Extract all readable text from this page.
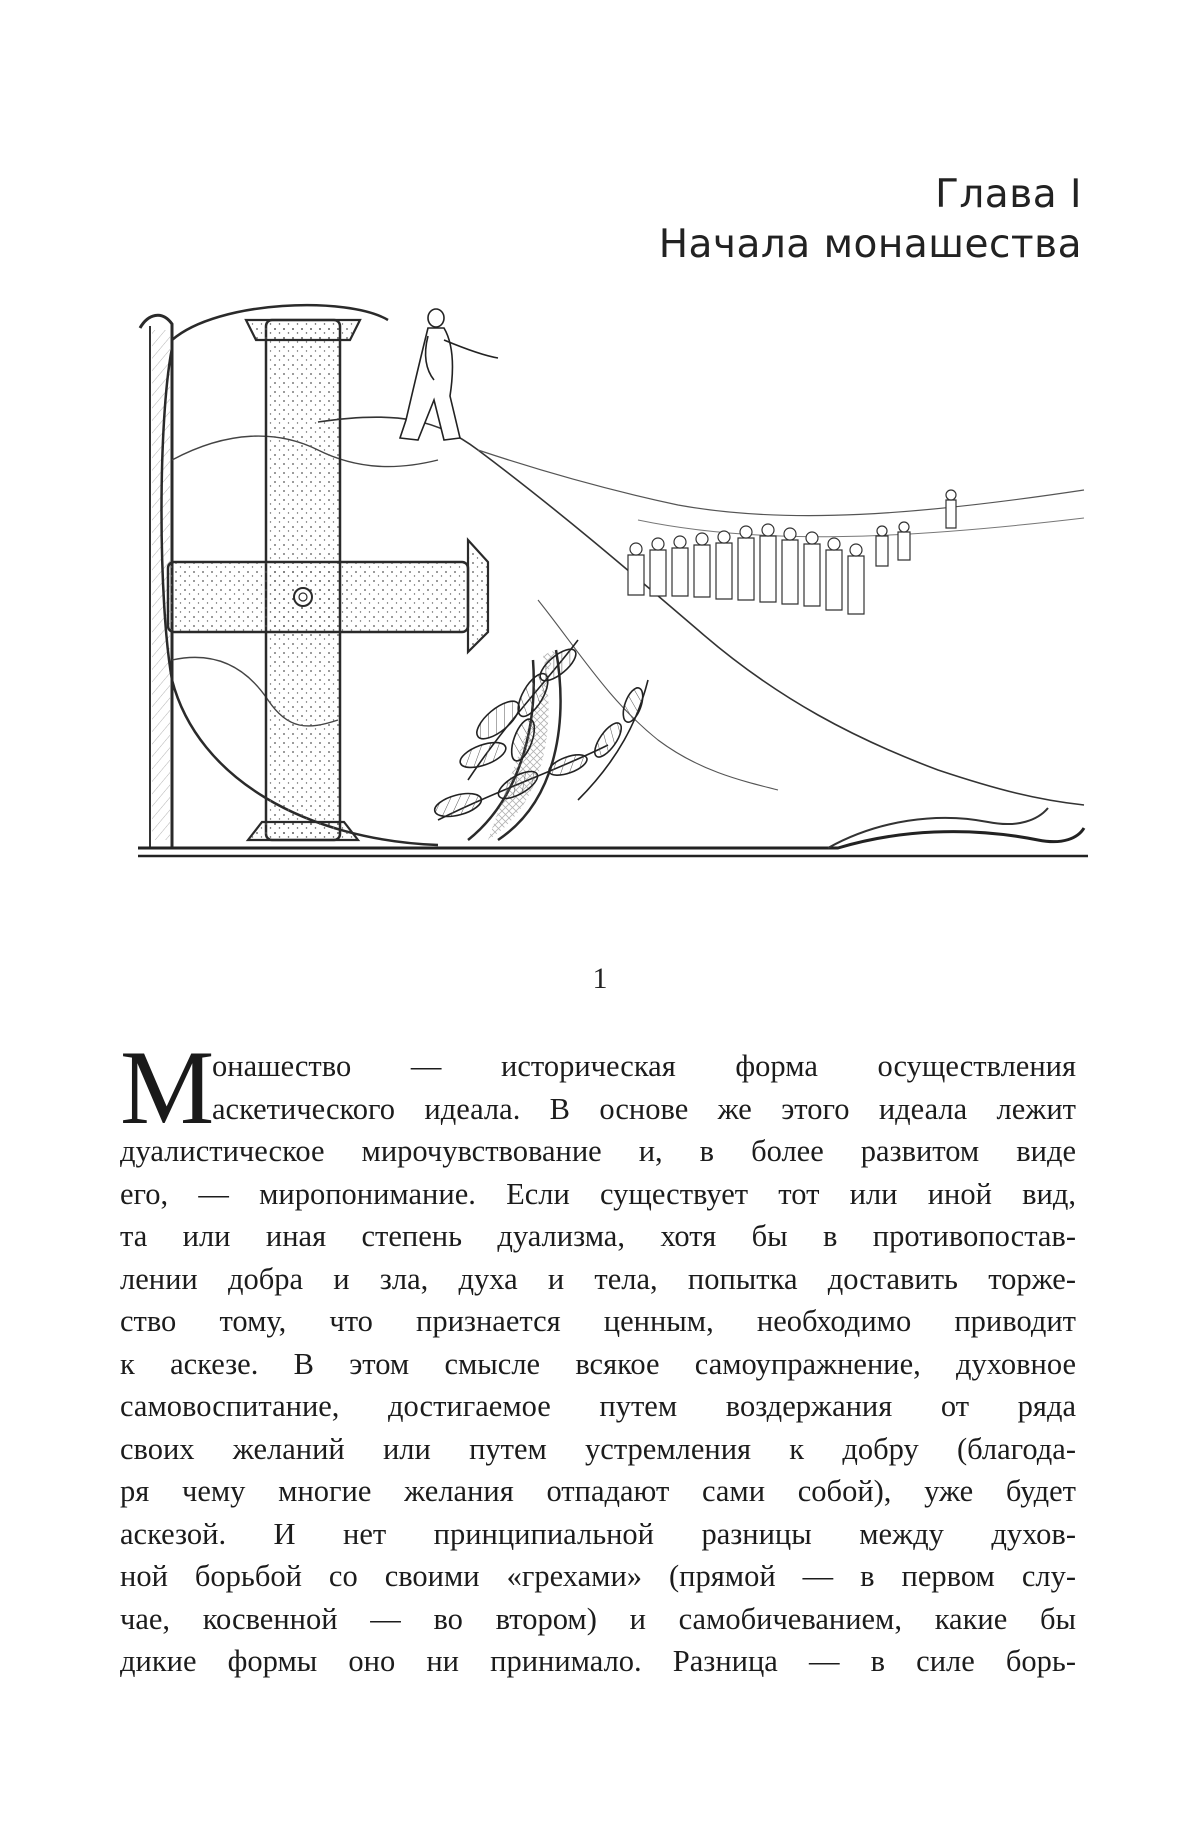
Глава I
Начала монашества
1
М
онашество — историческая форма осуществления
аскетического идеала. В основе же этого идеала лежит
дуалистическое мирочувствование и, в более развитом виде
его, — миропонимание. Если существует тот или иной вид,
та или иная степень дуализма, хотя бы в противопостав-
лении добра и зла, духа и тела, попытка доставить торже-
ство тому, что признается ценным, необходимо приводит
к аскезе. В этом смысле всякое самоупражнение, духовное
самовоспитание, достигаемое путем воздержания от ряда
своих желаний или путем устремления к добру (благода-
ря чему многие желания отпадают сами собой), уже будет
аскезой. И нет принципиальной разницы между духов-
ной борьбой со своими «грехами» (прямой — в первом слу-
чае, косвенной — во втором) и самобичеванием, какие бы
дикие формы оно ни принимало. Разница — в силе борь-
